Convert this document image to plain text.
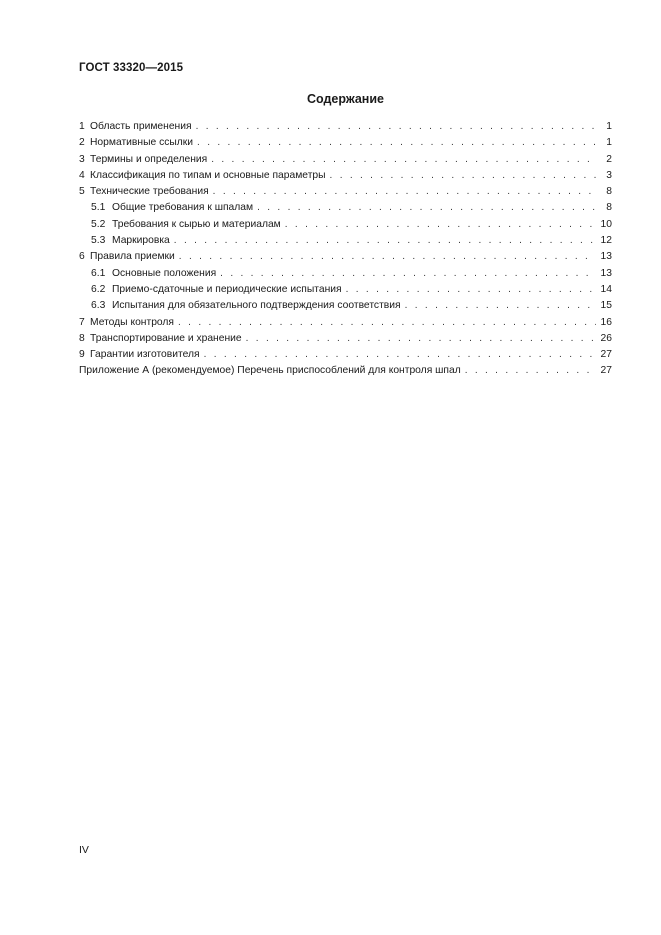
ГОСТ 33320—2015
Содержание
1 Область применения . . .	1
2 Нормативные ссылки . . .	1
3 Термины и определения . . .	2
4 Классификация по типам и основные параметры . . .	3
5 Технические требования . . .	8
5.1 Общие требования к шпалам . . .	8
5.2 Требования к сырью и материалам . . .	10
5.3 Маркировка . . .	12
6 Правила приемки . . .	13
6.1 Основные положения . . .	13
6.2 Приемо-сдаточные и периодические испытания . . .	14
6.3 Испытания для обязательного подтверждения соответствия . . .	15
7 Методы контроля . . .	16
8 Транспортирование и хранение . . .	26
9 Гарантии изготовителя . . .	27
Приложение А (рекомендуемое) Перечень приспособлений для контроля шпал . . .	27
IV
